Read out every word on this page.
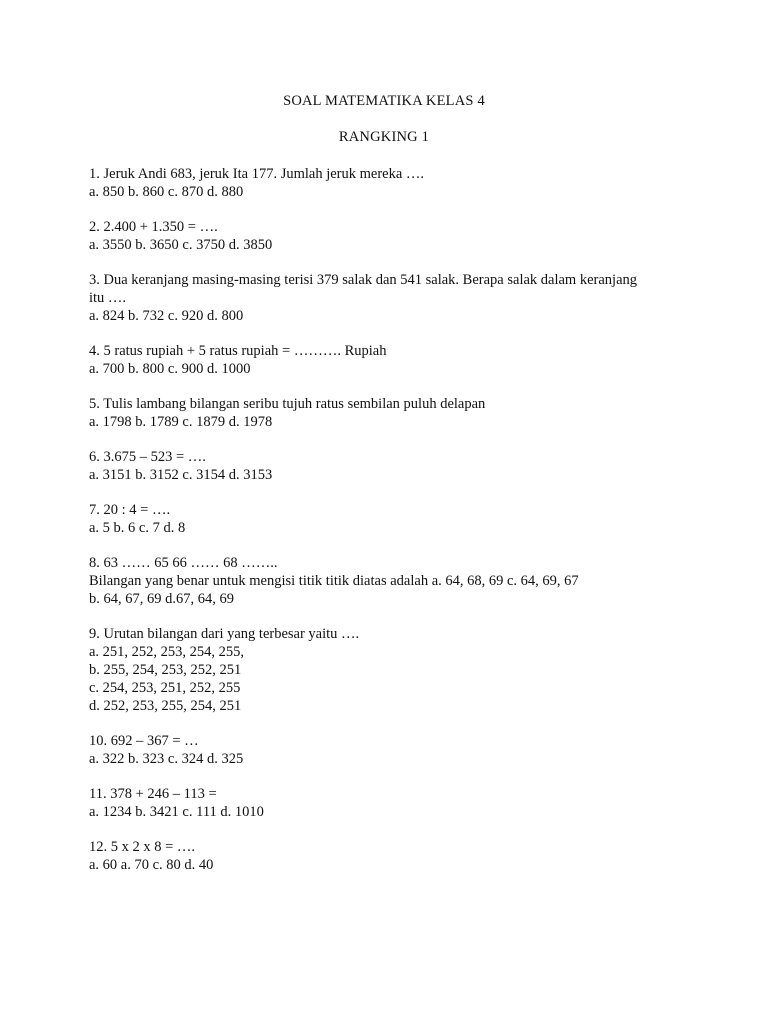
SOAL MATEMATIKA KELAS 4
RANGKING 1
1. Jeruk Andi 683, jeruk Ita 177. Jumlah jeruk mereka ….
a. 850 b. 860 c. 870 d. 880
2. 2.400 + 1.350 = ….
a. 3550 b. 3650 c. 3750 d. 3850
3. Dua keranjang masing-masing terisi 379 salak dan 541 salak. Berapa salak dalam keranjang
itu ….
a. 824 b. 732 c. 920 d. 800
4. 5 ratus rupiah + 5 ratus rupiah = ………. Rupiah
a. 700 b. 800 c. 900 d. 1000
5. Tulis lambang bilangan seribu tujuh ratus sembilan puluh delapan
a. 1798 b. 1789 c. 1879 d. 1978
6. 3.675 – 523 = ….
a. 3151 b. 3152 c. 3154 d. 3153
7. 20 : 4 = ….
a. 5 b. 6 c. 7 d. 8
8. 63 …… 65 66 …… 68 ……..
Bilangan yang benar untuk mengisi titik titik diatas adalah a. 64, 68, 69 c. 64, 69, 67
b. 64, 67, 69 d.67, 64, 69
9. Urutan bilangan dari yang terbesar yaitu ….
a. 251, 252, 253, 254, 255,
b. 255, 254, 253, 252, 251
c. 254, 253, 251, 252, 255
d. 252, 253, 255, 254, 251
10. 692 – 367 = …
a. 322 b. 323 c. 324 d. 325
11. 378 + 246 – 113 =
a. 1234 b. 3421 c. 111 d. 1010
12. 5 x 2 x 8 = ….
a. 60 a. 70 c. 80 d. 40
